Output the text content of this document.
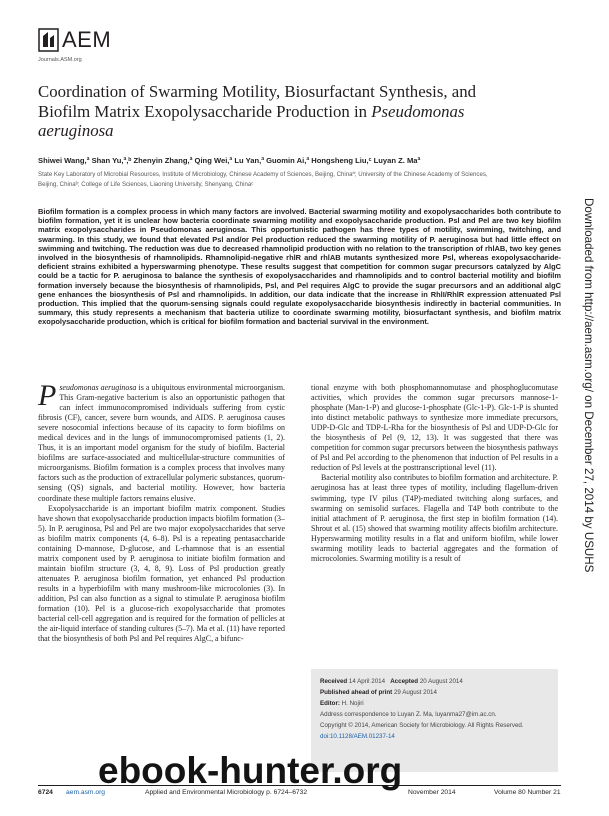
AEM
Journals.ASM.org
Coordination of Swarming Motility, Biosurfactant Synthesis, and
Biofilm Matrix Exopolysaccharide Production in Pseudomonas
aeruginosa
Shiwei Wang,ª Shan Yu,ª,ᵇ Zhenyin Zhang,ª Qing Wei,ª Lu Yan,ª Guomin Ai,ª Hongsheng Liu,ᶜ Luyan Z. Maª
State Key Laboratory of Microbial Resources, Institute of Microbiology, Chinese Academy of Sciences, Beijing, Chinaª; University of the Chinese Academy of Sciences,
Beijing, Chinaᵇ; College of Life Sciences, Liaoning University, Shenyang, Chinaᶜ
Biofilm formation is a complex process in which many factors are involved. Bacterial swarming motility and exopolysaccharides both contribute to biofilm formation, yet it is unclear how bacteria coordinate swarming motility and exopolysaccharide production. Psl and Pel are two key biofilm matrix exopolysaccharides in Pseudomonas aeruginosa. This opportunistic pathogen has three types of motility, swimming, twitching, and swarming. In this study, we found that elevated Psl and/or Pel production reduced the swarming motility of P. aeruginosa but had little effect on swimming and twitching. The reduction was due to decreased rhamnolipid production with no relation to the transcription of rhlAB, two key genes involved in the biosynthesis of rhamnolipids. Rhamnolipid-negative rhlR and rhlAB mutants synthesized more Psl, whereas exopolysaccharide-deficient strains exhibited a hyperswarming phenotype. These results suggest that competition for common sugar precursors catalyzed by AlgC could be a tactic for P. aeruginosa to balance the synthesis of exopolysaccharides and rhamnolipids and to control bacterial motility and biofilm formation inversely because the biosynthesis of rhamnolipids, Psl, and Pel requires AlgC to provide the sugar precursors and an additional algC gene enhances the biosynthesis of Psl and rhamnolipids. In addition, our data indicate that the increase in RhlI/RhlR expression attenuated Psl production. This implied that the quorum-sensing signals could regulate exopolysaccharide biosynthesis indirectly in bacterial communities. In summary, this study represents a mechanism that bacteria utilize to coordinate swarming motility, biosurfactant synthesis, and biofilm matrix exopolysaccharide production, which is critical for biofilm formation and bacterial survival in the environment.

Pseudomonas aeruginosa is a ubiquitous environmental microorganism. This Gram-negative bacterium is also an opportunistic pathogen that can infect immunocompromised individuals suffering from cystic fibrosis (CF), cancer, severe burn wounds, and AIDS. P. aeruginosa causes severe nosocomial infections because of its capacity to form biofilms on medical devices and in the lungs of immunocompromised patients (1, 2). Thus, it is an important model organism for the study of biofilm. Bacterial biofilms are surface-associated and multicellular-structure communities of microorganisms. Biofilm formation is a complex process that involves many factors such as the production of extracellular polymeric substances, quorum-sensing (QS) signals, and bacterial motility. However, how bacteria coordinate these multiple factors remains elusive.

Exopolysaccharide is an important biofilm matrix component. Studies have shown that exopolysaccharide production impacts biofilm formation (3–5). In P. aeruginosa, Psl and Pel are two major exopolysaccharides that serve as biofilm matrix components (4, 6–8). Psl is a repeating pentasaccharide containing D-mannose, D-glucose, and L-rhamnose that is an essential matrix component used by P. aeruginosa to initiate biofilm formation and maintain biofilm structure (3, 4, 8, 9). Loss of Psl production greatly attenuates P. aeruginosa biofilm formation, yet enhanced Psl production results in a hyperbiofilm with many mushroom-like microcolonies (3). In addition, Psl can also function as a signal to stimulate P. aeruginosa biofilm formation (10). Pel is a glucose-rich exopolysaccharide that promotes bacterial cell-cell aggregation and is required for the formation of pellicles at the air-liquid interface of standing cultures (5–7). Ma et al. (11) have reported that the biosynthesis of both Psl and Pel requires AlgC, a bifunc-

tional enzyme with both phosphomannomutase and phosphoglucomutase activities, which provides the common sugar precursors mannose-1-phosphate (Man-1-P) and glucose-1-phosphate (Glc-1-P). Glc-1-P is shunted into distinct metabolic pathways to synthesize more immediate precursors, UDP-D-Glc and TDP-L-Rha for the biosynthesis of Psl and UDP-D-Glc for the biosynthesis of Pel (9, 12, 13). It was suggested that there was competition for common sugar precursors between the biosynthesis pathways of Psl and Pel according to the phenomenon that induction of Pel results in a reduction of Psl levels at the posttranscriptional level (11).

Bacterial motility also contributes to biofilm formation and architecture. P. aeruginosa has at least three types of motility, including flagellum-driven swimming, type IV pilus (T4P)-mediated twitching along surfaces, and swarming on semisolid surfaces. Flagella and T4P both contribute to the initial attachment of P. aeruginosa, the first step in biofilm formation (14). Shrout et al. (15) showed that swarming motility affects biofilm architecture. Hyperswarming motility results in a flat and uniform biofilm, while lower swarming motility leads to bacterial aggregates and the formation of microcolonies. Swarming motility is a result of

Received 14 April 2014 Accepted 20 August 2014
Published ahead of print 29 August 2014
Editor: H. Nojiri
Address correspondence to Luyan Z. Ma, luyanma27@im.ac.cn.
Copyright © 2014, American Society for Microbiology. All Rights Reserved.
doi:10.1128/AEM.01237-14
Downloaded from http://aem.asm.org/ on December 27, 2014 by USUHS
6724 aem.asm.org	Applied and Environmental Microbiology p. 6724–6732	November 2014	Volume 80 Number 21
ebook-hunter.org
